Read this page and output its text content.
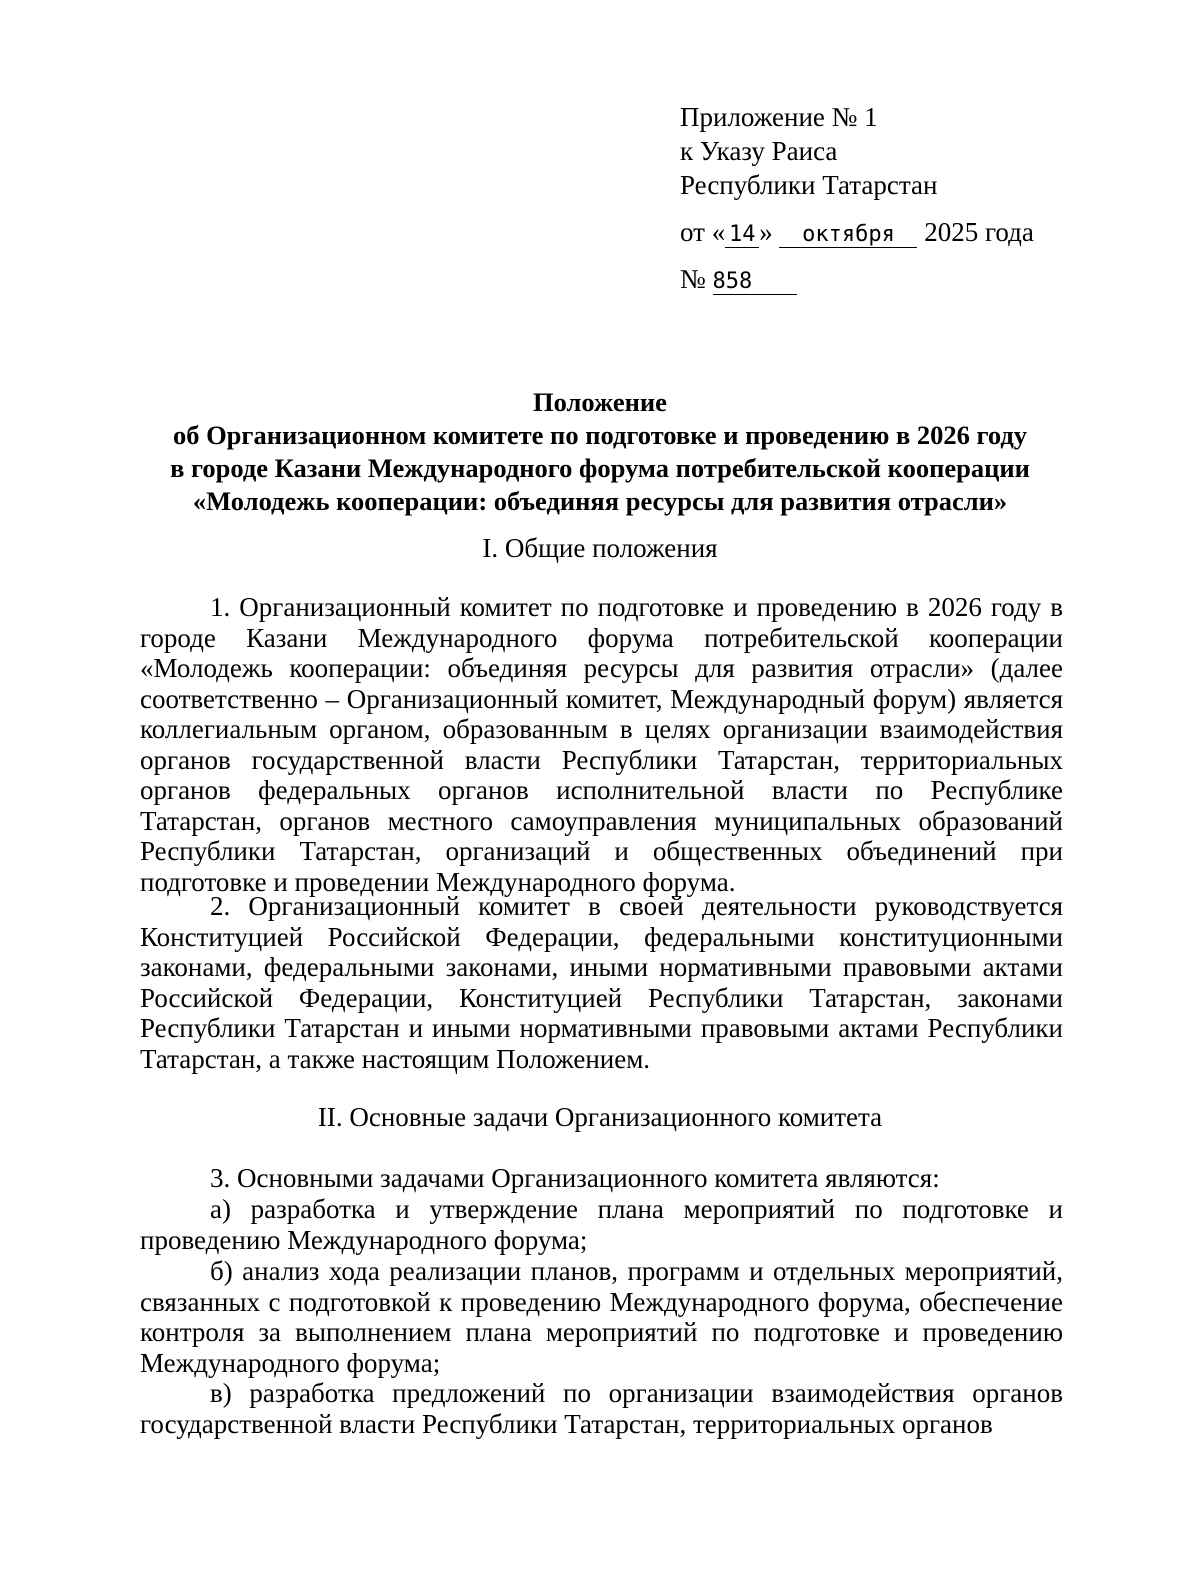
Приложение № 1
к Указу Раиса
Республики Татарстан
от « 14 » октября 2025 года
№ 858
Положение
об Организационном комитете по подготовке и проведению в 2026 году
в городе Казани Международного форума потребительской кооперации
«Молодежь кооперации: объединяя ресурсы для развития отрасли»
I. Общие положения

1. Организационный комитет по подготовке и проведению в 2026 году в городе Казани Международного форума потребительской кооперации «Молодежь кооперации: объединяя ресурсы для развития отрасли» (далее соответственно – Организационный комитет, Международный форум) является коллегиальным органом, образованным в целях организации взаимодействия органов государственной власти Республики Татарстан, территориальных органов федеральных органов исполнительной власти по Республике Татарстан, органов местного самоуправления муниципальных образований Республики Татарстан, организаций и общественных объединений при подготовке и проведении Международного форума.

2. Организационный комитет в своей деятельности руководствуется Конституцией Российской Федерации, федеральными конституционными законами, федеральными законами, иными нормативными правовыми актами Российской Федерации, Конституцией Республики Татарстан, законами Республики Татарстан и иными нормативными правовыми актами Республики Татарстан, а также настоящим Положением.

II. Основные задачи Организационного комитета

3. Основными задачами Организационного комитета являются:

а) разработка и утверждение плана мероприятий по подготовке и проведению Международного форума;

б) анализ хода реализации планов, программ и отдельных мероприятий, связанных с подготовкой к проведению Международного форума, обеспечение контроля за выполнением плана мероприятий по подготовке и проведению Международного форума;

в) разработка предложений по организации взаимодействия органов государственной власти Республики Татарстан, территориальных органов
